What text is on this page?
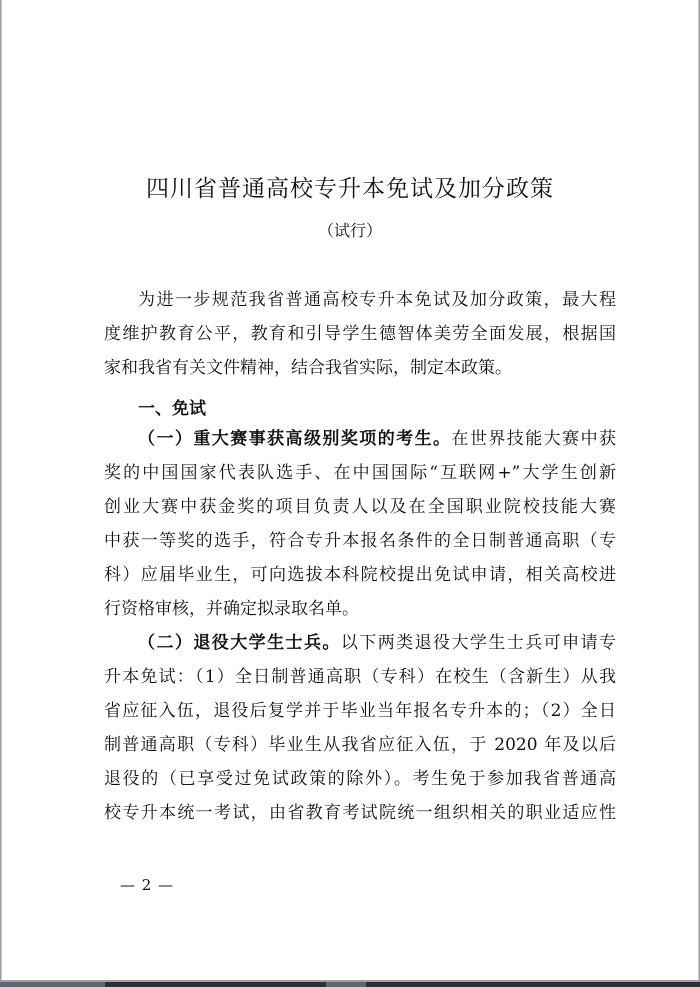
四川省普通高校专升本免试及加分政策
（试行）
为进一步规范我省普通高校专升本免试及加分政策，最大程
度维护教育公平，教育和引导学生德智体美劳全面发展，根据国
家和我省有关文件精神，结合我省实际，制定本政策。
一、免试
（一）重大赛事获高级别奖项的考生。在世界技能大赛中获
奖的中国国家代表队选手、在中国国际“互联网+”大学生创新
创业大赛中获金奖的项目负责人以及在全国职业院校技能大赛
中获一等奖的选手，符合专升本报名条件的全日制普通高职（专
科）应届毕业生，可向选拔本科院校提出免试申请，相关高校进
行资格审核，并确定拟录取名单。
（二）退役大学生士兵。以下两类退役大学生士兵可申请专
升本免试：（1）全日制普通高职（专科）在校生（含新生）从我
省应征入伍，退役后复学并于毕业当年报名专升本的；（2）全日
制普通高职（专科）毕业生从我省应征入伍，于 2020 年及以后
退役的（已享受过免试政策的除外）。考生免于参加我省普通高
校专升本统一考试，由省教育考试院统一组织相关的职业适应性
— 2 —
